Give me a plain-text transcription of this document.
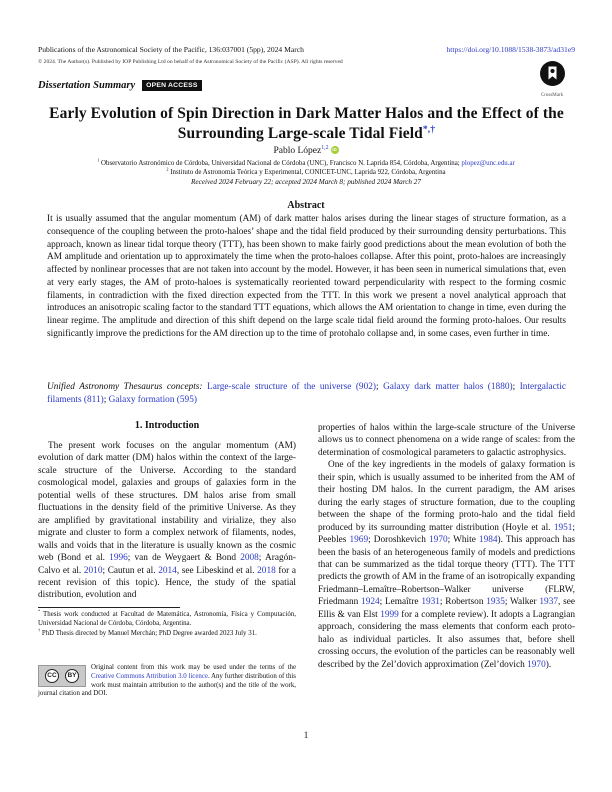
Publications of the Astronomical Society of the Pacific, 136:037001 (5pp), 2024 March	https://doi.org/10.1088/1538-3873/ad31e9
© 2024. The Author(s). Published by IOP Publishing Ltd on behalf of the Astronomical Society of the Pacific (ASP). All rights reserved
Dissertation Summary	OPEN ACCESS
CrossMark
Early Evolution of Spin Direction in Dark Matter Halos and the Effect of the Surrounding Large-scale Tidal Field*,†
Pablo López$^{1,2}$ iD
$^1$ Observatorio Astronómico de Córdoba, Universidad Nacional de Córdoba (UNC), Francisco N. Laprida 854, Córdoba, Argentina; plopez@unc.edu.ar
$^2$ Instituto de Astronomía Teórica y Experimental, CONICET-UNC, Laprida 922, Córdoba, Argentina
Received 2024 February 22; accepted 2024 March 8; published 2024 March 27
Abstract
It is usually assumed that the angular momentum (AM) of dark matter halos arises during the linear stages of structure formation, as a consequence of the coupling between the proto-haloes’ shape and the tidal field produced by their surrounding density perturbations. This approach, known as linear tidal torque theory (TTT), has been shown to make fairly good predictions about the mean evolution of both the AM amplitude and orientation up to approximately the time when the proto-haloes collapse. After this point, proto-haloes are increasingly affected by nonlinear processes that are not taken into account by the model. However, it has been seen in numerical simulations that, even at very early stages, the AM of proto-haloes is systematically reoriented toward perpendicularity with respect to the forming cosmic filaments, in contradiction with the fixed direction expected from the TTT. In this work we present a novel analytical approach that introduces an anisotropic scaling factor to the standard TTT equations, which allows the AM orientation to change in time, even during the linear regime. The amplitude and direction of this shift depend on the large scale tidal field around the forming proto-haloes. Our results significantly improve the predictions for the AM direction up to the time of protohalo collapse and, in some cases, even further in time.
Unified Astronomy Thesaurus concepts: Large-scale structure of the universe (902); Galaxy dark matter halos (1880); Intergalactic filaments (811); Galaxy formation (595)
1. Introduction

The present work focuses on the angular momentum (AM) evolution of dark matter (DM) halos within the context of the large-scale structure of the Universe. According to the standard cosmological model, galaxies and groups of galaxies form in the potential wells of these structures. DM halos arise from small fluctuations in the density field of the primitive Universe. As they are amplified by gravitational instability and virialize, they also migrate and cluster to form a complex network of filaments, nodes, walls and voids that in the literature is usually known as the cosmic web (Bond et al. 1996; van de Weygaert & Bond 2008; Aragón-Calvo et al. 2010; Cautun et al. 2014, see Libeskind et al. 2018 for a recent revision of this topic). Hence, the study of the spatial distribution, evolution and

properties of halos within the large-scale structure of the Universe allows us to connect phenomena on a wide range of scales: from the determination of cosmological parameters to galactic astrophysics.

One of the key ingredients in the models of galaxy formation is their spin, which is usually assumed to be inherited from the AM of their hosting DM halos. In the current paradigm, the AM arises during the early stages of structure formation, due to the coupling between the shape of the forming proto-halo and the tidal field produced by its surrounding matter distribution (Hoyle et al. 1951; Peebles 1969; Doroshkevich 1970; White 1984). This approach has been the basis of an heterogeneous family of models and predictions that can be summarized as the tidal torque theory (TTT). The TTT predicts the growth of AM in the frame of an isotropically expanding Friedmann–Lemaître–Robertson–Walker universe (FLRW, Friedmann 1924; Lemaître 1931; Robertson 1935; Walker 1937, see Ellis & van Elst 1999 for a complete review). It adopts a Lagrangian approach, considering the mass elements that conform each proto-halo as individual particles. It also assumes that, before shell crossing occurs, the evolution of the particles can be reasonably well described by the Zel’dovich approximation (Zel’dovich 1970).

* Thesis work conducted at Facultad de Matemática, Astronomía, Física y Computación, Universidad Nacional de Córdoba, Córdoba, Argentina.

† PhD Thesis directed by Manuel Merchán; PhD Degree awarded 2023 July 31.

CC	BY
Original content from this work may be used under the terms of the Creative Commons Attribution 3.0 licence. Any further distribution of this work must maintain attribution to the author(s) and the title of the work, journal citation and DOI.
1
